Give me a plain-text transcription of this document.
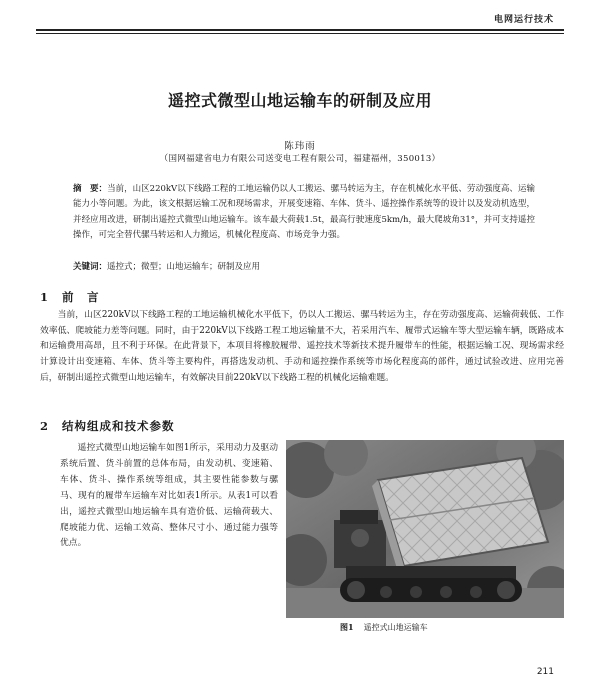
电网运行技术
遥控式微型山地运输车的研制及应用
陈玮雨
（国网福建省电力有限公司送变电工程有限公司，福建福州，350013）
摘　要：当前，山区220kV以下线路工程的工地运输仍以人工搬运、骡马转运为主，存在机械化水平低、劳动强度高、运输能力小等问题。为此，该文根据运输工况和现场需求，开展变速箱、车体、货斗、遥控操作系统等的设计以及发动机选型，并经应用改进，研制出遥控式微型山地运输车。该车最大荷载1.5t，最高行驶速度5km/h，最大爬坡角31°，并可支持遥控操作，可完全替代骡马转运和人力搬运，机械化程度高、市场竞争力强。
关键词：遥控式；微型；山地运输车；研制及应用
1 前　言
当前，山区220kV以下线路工程的工地运输机械化水平低下，仍以人工搬运、骡马转运为主，存在劳动强度高、运输荷载低、工作效率低、爬坡能力差等问题。同时，由于220kV以下线路工程工地运输量不大，若采用汽车、履带式运输车等大型运输车辆，既路成本和运输费用高昂，且不利于环保。在此背景下，本项目将橡胶履带、遥控技术等新技术提升履带车的性能，根据运输工况、现场需求经计算设计出变速箱、车体、货斗等主要构件，再搭选发动机、手动和遥控操作系统等市场化程度高的部件，通过试验改进、应用完善后，研制出遥控式微型山地运输车，有效解决目前220kV以下线路工程的机械化运输难题。
2 结构组成和技术参数
遥控式微型山地运输车如图1所示，采用动力及驱动系统后置、货斗前置的总体布局，由发动机、变速箱、车体、货斗、操作系统等组成，其主要性能参数与骡马、现有的履带车运输车对比如表1所示。从表1可以看出，遥控式微型山地运输车具有造价低、运输荷载大、爬坡能力优、运输工效高、整体尺寸小、通过能力强等优点。
图1 遥控式山地运输车
211
